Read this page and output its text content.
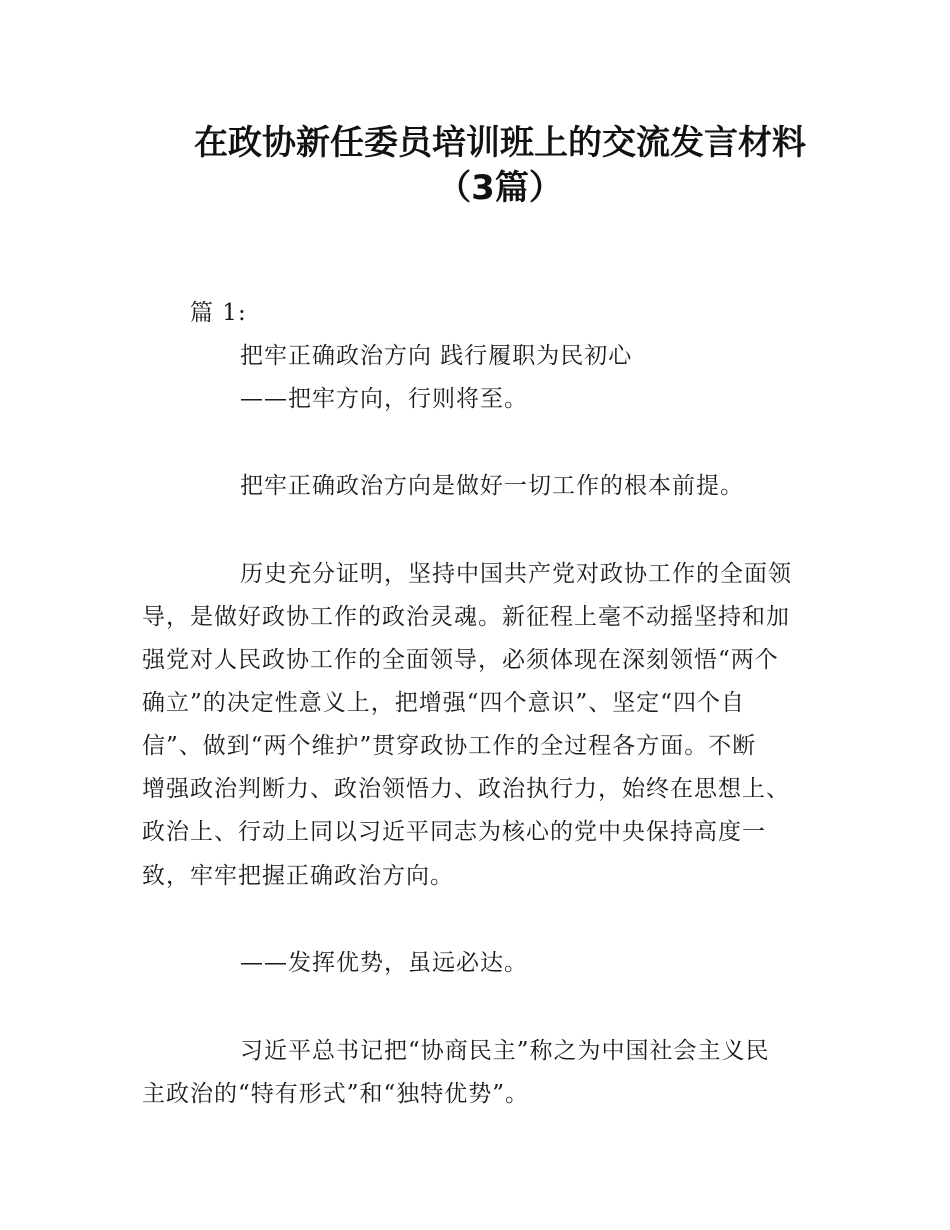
在政协新任委员培训班上的交流发言材料
（3篇）
篇 1:
把牢正确政治方向 践行履职为民初心
——把牢方向，行则将至。
把牢正确政治方向是做好一切工作的根本前提。
历史充分证明，坚持中国共产党对政协工作的全面领
导，是做好政协工作的政治灵魂。新征程上毫不动摇坚持和加
强党对人民政协工作的全面领导，必须体现在深刻领悟“两个
确立”的决定性意义上，把增强“四个意识”、坚定“四个自
信”、做到“两个维护”贯穿政协工作的全过程各方面。不断
增强政治判断力、政治领悟力、政治执行力，始终在思想上、
政治上、行动上同以习近平同志为核心的党中央保持高度一
致，牢牢把握正确政治方向。
——发挥优势，虽远必达。
习近平总书记把“协商民主”称之为中国社会主义民
主政治的“特有形式”和“独特优势”。
